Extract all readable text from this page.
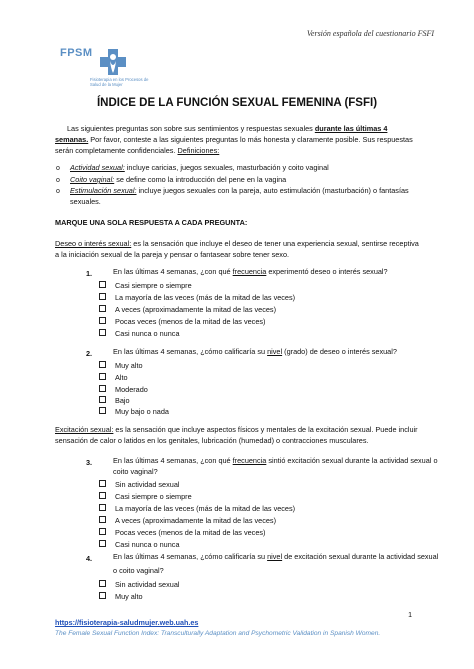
Versión española del cuestionario FSFI
FPSM
Fisioterapia en los Procesos de Salud de la Mujer
ÍNDICE DE LA FUNCIÓN SEXUAL FEMENINA (FSFI)
Las siguientes preguntas son sobre sus sentimientos y respuestas sexuales durante las últimas 4
semanas. Por favor, conteste a las siguientes preguntas lo más honesta y claramente posible. Sus respuestas
serán completamente confidenciales. Definiciones:
o Actividad sexual: incluye caricias, juegos sexuales, masturbación y coito vaginal
o Coito vaginal: se define como la introducción del pene en la vagina
o Estimulación sexual: incluye juegos sexuales con la pareja, auto estimulación (masturbación) o fantasías
sexuales.
MARQUE UNA SOLA RESPUESTA A CADA PREGUNTA:
Deseo o interés sexual: es la sensación que incluye el deseo de tener una experiencia sexual, sentirse receptiva
a la iniciación sexual de la pareja y pensar o fantasear sobre tener sexo.
1.	En las últimas 4 semanas, ¿con qué frecuencia experimentó deseo o interés sexual?
Casi siempre o siempre
La mayoría de las veces (más de la mitad de las veces)
A veces (aproximadamente la mitad de las veces)
Pocas veces (menos de la mitad de las veces)
Casi nunca o nunca
2.	En las últimas 4 semanas, ¿cómo calificaría su nivel (grado) de deseo o interés sexual?
Muy alto
Alto
Moderado
Bajo
Muy bajo o nada
Excitación sexual: es la sensación que incluye aspectos físicos y mentales de la excitación sexual. Puede incluir
sensación de calor o latidos en los genitales, lubricación (humedad) o contracciones musculares.
3.	En las últimas 4 semanas, ¿con qué frecuencia sintió excitación sexual durante la actividad sexual o
coito vaginal?
Sin actividad sexual
Casi siempre o siempre
La mayoría de las veces (más de la mitad de las veces)
A veces (aproximadamente la mitad de las veces)
Pocas veces (menos de la mitad de las veces)
Casi nunca o nunca
4.	En las últimas 4 semanas, ¿cómo calificaría su nivel de excitación sexual durante la actividad sexual
o coito vaginal?
Sin actividad sexual
Muy alto
1
https://fisioterapia-saludmujer.web.uah.es
The Female Sexual Function Index: Transculturally Adaptation and Psychometric Validation in Spanish Women.
